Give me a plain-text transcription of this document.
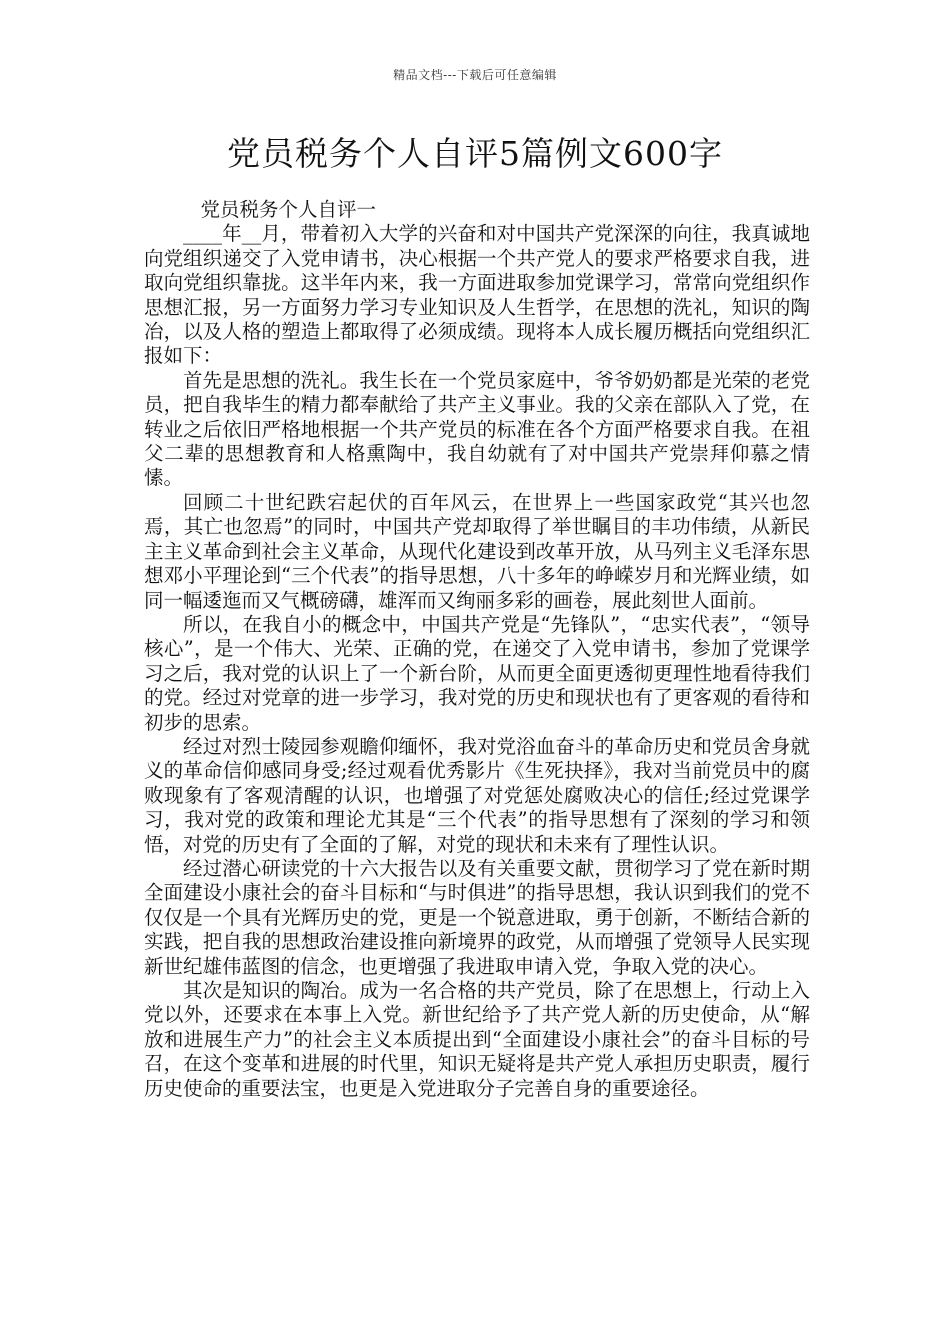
精品文档---下载后可任意编辑
党员税务个人自评5篇例文600字

党员税务个人自评一

____年__月，带着初入大学的兴奋和对中国共产党深深的向往，我真诚地向党组织递交了入党申请书，决心根据一个共产党人的要求严格要求自我，进取向党组织靠拢。这半年内来，我一方面进取参加党课学习，常常向党组织作思想汇报，另一方面努力学习专业知识及人生哲学，在思想的洗礼，知识的陶冶，以及人格的塑造上都取得了必须成绩。现将本人成长履历概括向党组织汇报如下：

首先是思想的洗礼。我生长在一个党员家庭中，爷爷奶奶都是光荣的老党员，把自我毕生的精力都奉献给了共产主义事业。我的父亲在部队入了党，在转业之后依旧严格地根据一个共产党员的标准在各个方面严格要求自我。在祖父二辈的思想教育和人格熏陶中，我自幼就有了对中国共产党崇拜仰慕之情愫。

回顾二十世纪跌宕起伏的百年风云，在世界上一些国家政党“其兴也忽焉，其亡也忽焉”的同时，中国共产党却取得了举世瞩目的丰功伟绩，从新民主主义革命到社会主义革命，从现代化建设到改革开放，从马列主义毛泽东思想邓小平理论到“三个代表”的指导思想，八十多年的峥嵘岁月和光辉业绩，如同一幅逶迤而又气概磅礴，雄浑而又绚丽多彩的画卷，展此刻世人面前。

所以，在我自小的概念中，中国共产党是“先锋队”，“忠实代表”，“领导核心”，是一个伟大、光荣、正确的党，在递交了入党申请书，参加了党课学习之后，我对党的认识上了一个新台阶，从而更全面更透彻更理性地看待我们的党。经过对党章的进一步学习，我对党的历史和现状也有了更客观的看待和初步的思索。

经过对烈士陵园参观瞻仰缅怀，我对党浴血奋斗的革命历史和党员舍身就义的革命信仰感同身受;经过观看优秀影片《生死抉择》，我对当前党员中的腐败现象有了客观清醒的认识，也增强了对党惩处腐败决心的信任;经过党课学习，我对党的政策和理论尤其是“三个代表”的指导思想有了深刻的学习和领悟，对党的历史有了全面的了解，对党的现状和未来有了理性认识。

经过潜心研读党的十六大报告以及有关重要文献，贯彻学习了党在新时期全面建设小康社会的奋斗目标和“与时俱进”的指导思想，我认识到我们的党不仅仅是一个具有光辉历史的党，更是一个锐意进取，勇于创新，不断结合新的实践，把自我的思想政治建设推向新境界的政党，从而增强了党领导人民实现新世纪雄伟蓝图的信念，也更增强了我进取申请入党，争取入党的决心。

其次是知识的陶冶。成为一名合格的共产党员，除了在思想上，行动上入党以外，还要求在本事上入党。新世纪给予了共产党人新的历史使命，从“解放和进展生产力”的社会主义本质提出到“全面建设小康社会”的奋斗目标的号召，在这个变革和进展的时代里，知识无疑将是共产党人承担历史职责，履行历史使命的重要法宝，也更是入党进取分子完善自身的重要途径。
